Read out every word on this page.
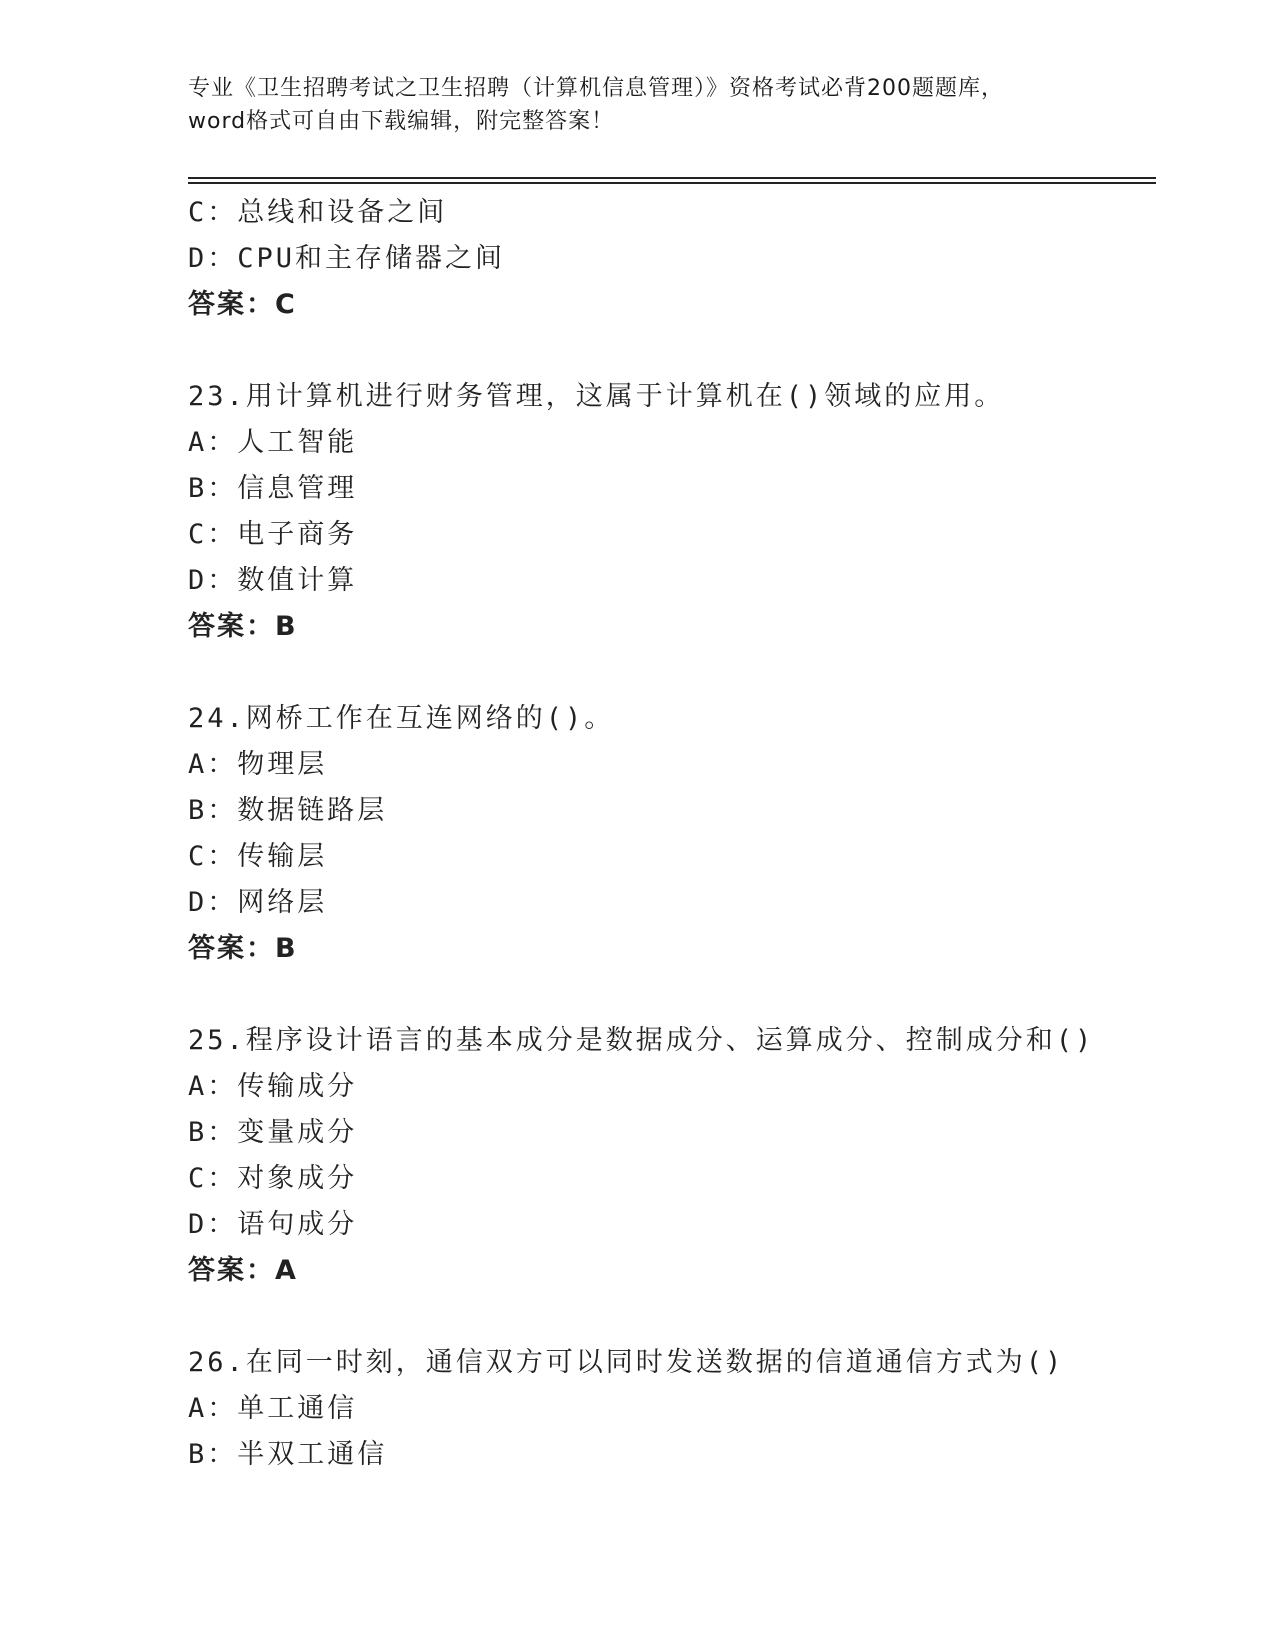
专业《卫生招聘考试之卫生招聘（计算机信息管理）》资格考试必背200题题库，
word格式可自由下载编辑，附完整答案！
C：总线和设备之间
D：CPU和主存储器之间
答案：C
23.用计算机进行财务管理，这属于计算机在()领域的应用。
A：人工智能
B：信息管理
C：电子商务
D：数值计算
答案：B
24.网桥工作在互连网络的()。
A：物理层
B：数据链路层
C：传输层
D：网络层
答案：B
25.程序设计语言的基本成分是数据成分、运算成分、控制成分和()
A：传输成分
B：变量成分
C：对象成分
D：语句成分
答案：A
26.在同一时刻，通信双方可以同时发送数据的信道通信方式为()
A：单工通信
B：半双工通信
